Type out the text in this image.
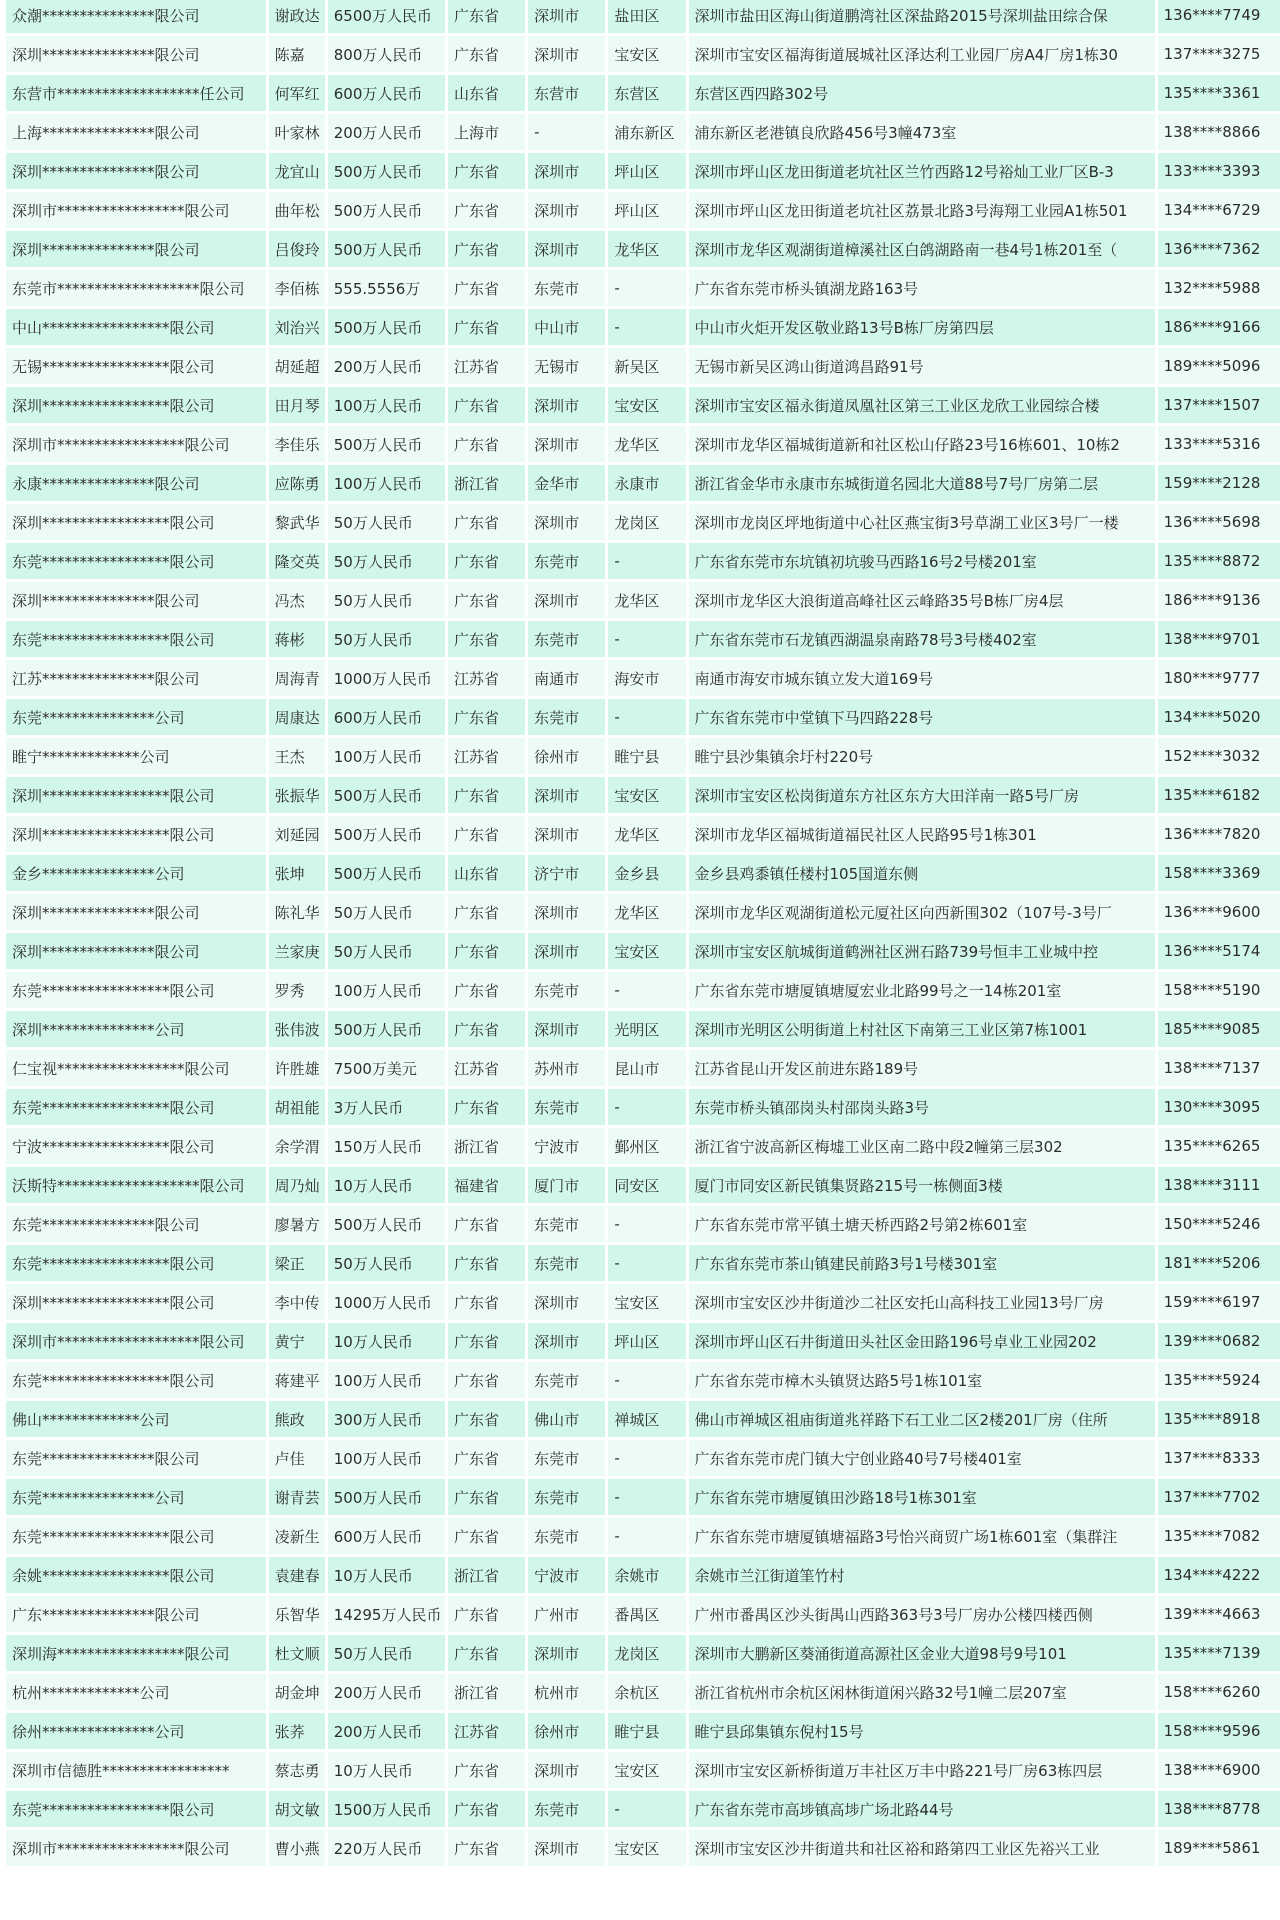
众潮***************限公司	谢政达	6500万人民币	广东省	深圳市	盐田区	深圳市盐田区海山街道鹏湾社区深盐路2015号深圳盐田综合保	136****7749
深圳***************限公司	陈嘉	800万人民币	广东省	深圳市	宝安区	深圳市宝安区福海街道展城社区泽达利工业园厂房A4厂房1栋30	137****3275
东营市*******************任公司	何军红	600万人民币	山东省	东营市	东营区	东营区西四路302号	135****3361
上海***************限公司	叶家林	200万人民币	上海市	-	浦东新区	浦东新区老港镇良欣路456号3幢473室	138****8866
深圳***************限公司	龙宜山	500万人民币	广东省	深圳市	坪山区	深圳市坪山区龙田街道老坑社区兰竹西路12号裕灿工业厂区B-3	133****3393
深圳市*****************限公司	曲年松	500万人民币	广东省	深圳市	坪山区	深圳市坪山区龙田街道老坑社区荔景北路3号海翔工业园A1栋501	134****6729
深圳***************限公司	吕俊玲	500万人民币	广东省	深圳市	龙华区	深圳市龙华区观湖街道樟溪社区白鸽湖路南一巷4号1栋201至（	136****7362
东莞市*******************限公司	李佰栋	555.5556万	广东省	东莞市	-	广东省东莞市桥头镇湖龙路163号	132****5988
中山*****************限公司	刘治兴	500万人民币	广东省	中山市	-	中山市火炬开发区敬业路13号B栋厂房第四层	186****9166
无锡*****************限公司	胡延超	200万人民币	江苏省	无锡市	新吴区	无锡市新吴区鸿山街道鸿昌路91号	189****5096
深圳*****************限公司	田月琴	100万人民币	广东省	深圳市	宝安区	深圳市宝安区福永街道凤凰社区第三工业区龙欣工业园综合楼	137****1507
深圳市*****************限公司	李佳乐	500万人民币	广东省	深圳市	龙华区	深圳市龙华区福城街道新和社区松山仔路23号16栋601、10栋2	133****5316
永康***************限公司	应陈勇	100万人民币	浙江省	金华市	永康市	浙江省金华市永康市东城街道名园北大道88号7号厂房第二层	159****2128
深圳*****************限公司	黎武华	50万人民币	广东省	深圳市	龙岗区	深圳市龙岗区坪地街道中心社区燕宝街3号草湖工业区3号厂一楼	136****5698
东莞*****************限公司	隆交英	50万人民币	广东省	东莞市	-	广东省东莞市东坑镇初坑骏马西路16号2号楼201室	135****8872
深圳***************限公司	冯杰	50万人民币	广东省	深圳市	龙华区	深圳市龙华区大浪街道高峰社区云峰路35号B栋厂房4层	186****9136
东莞*****************限公司	蒋彬	50万人民币	广东省	东莞市	-	广东省东莞市石龙镇西湖温泉南路78号3号楼402室	138****9701
江苏***************限公司	周海青	1000万人民币	江苏省	南通市	海安市	南通市海安市城东镇立发大道169号	180****9777
东莞***************公司	周康达	600万人民币	广东省	东莞市	-	广东省东莞市中堂镇下马四路228号	134****5020
睢宁*************公司	王杰	100万人民币	江苏省	徐州市	睢宁县	睢宁县沙集镇余圩村220号	152****3032
深圳*****************限公司	张振华	500万人民币	广东省	深圳市	宝安区	深圳市宝安区松岗街道东方社区东方大田洋南一路5号厂房	135****6182
深圳*****************限公司	刘延园	500万人民币	广东省	深圳市	龙华区	深圳市龙华区福城街道福民社区人民路95号1栋301	136****7820
金乡***************公司	张坤	500万人民币	山东省	济宁市	金乡县	金乡县鸡黍镇任楼村105国道东侧	158****3369
深圳***************限公司	陈礼华	50万人民币	广东省	深圳市	龙华区	深圳市龙华区观湖街道松元厦社区向西新围302（107号-3号厂	136****9600
深圳***************限公司	兰家庚	50万人民币	广东省	深圳市	宝安区	深圳市宝安区航城街道鹤洲社区洲石路739号恒丰工业城中控	136****5174
东莞*****************限公司	罗秀	100万人民币	广东省	东莞市	-	广东省东莞市塘厦镇塘厦宏业北路99号之一14栋201室	158****5190
深圳***************公司	张伟波	500万人民币	广东省	深圳市	光明区	深圳市光明区公明街道上村社区下南第三工业区第7栋1001	185****9085
仁宝视*****************限公司	许胜雄	7500万美元	江苏省	苏州市	昆山市	江苏省昆山开发区前进东路189号	138****7137
东莞*****************限公司	胡祖能	3万人民币	广东省	东莞市	-	东莞市桥头镇邵岗头村邵岗头路3号	130****3095
宁波*****************限公司	余学渭	150万人民币	浙江省	宁波市	鄞州区	浙江省宁波高新区梅墟工业区南二路中段2幢第三层302	135****6265
沃斯特*******************限公司	周乃灿	10万人民币	福建省	厦门市	同安区	厦门市同安区新民镇集贤路215号一栋侧面3楼	138****3111
东莞***************限公司	廖暑方	500万人民币	广东省	东莞市	-	广东省东莞市常平镇土塘天桥西路2号第2栋601室	150****5246
东莞*****************限公司	梁正	50万人民币	广东省	东莞市	-	广东省东莞市茶山镇建民前路3号1号楼301室	181****5206
深圳*****************限公司	李中传	1000万人民币	广东省	深圳市	宝安区	深圳市宝安区沙井街道沙二社区安托山高科技工业园13号厂房	159****6197
深圳市*******************限公司	黄宁	10万人民币	广东省	深圳市	坪山区	深圳市坪山区石井街道田头社区金田路196号卓业工业园202	139****0682
东莞*****************限公司	蒋建平	100万人民币	广东省	东莞市	-	广东省东莞市樟木头镇贤达路5号1栋101室	135****5924
佛山*************公司	熊政	300万人民币	广东省	佛山市	禅城区	佛山市禅城区祖庙街道兆祥路下石工业二区2楼201厂房（住所	135****8918
东莞***************限公司	卢佳	100万人民币	广东省	东莞市	-	广东省东莞市虎门镇大宁创业路40号7号楼401室	137****8333
东莞***************公司	谢青芸	500万人民币	广东省	东莞市	-	广东省东莞市塘厦镇田沙路18号1栋301室	137****7702
东莞*****************限公司	凌新生	600万人民币	广东省	东莞市	-	广东省东莞市塘厦镇塘福路3号怡兴商贸广场1栋601室（集群注	135****7082
余姚*****************限公司	袁建春	10万人民币	浙江省	宁波市	余姚市	余姚市兰江街道筀竹村	134****4222
广东***************限公司	乐智华	14295万人民币	广东省	广州市	番禺区	广州市番禺区沙头街禺山西路363号3号厂房办公楼四楼西侧	139****4663
深圳海*****************限公司	杜文顺	50万人民币	广东省	深圳市	龙岗区	深圳市大鹏新区葵涌街道高源社区金业大道98号9号101	135****7139
杭州*************公司	胡金坤	200万人民币	浙江省	杭州市	余杭区	浙江省杭州市余杭区闲林街道闲兴路32号1幢二层207室	158****6260
徐州***************公司	张荞	200万人民币	江苏省	徐州市	睢宁县	睢宁县邱集镇东倪村15号	158****9596
深圳市信德胜*****************	蔡志勇	10万人民币	广东省	深圳市	宝安区	深圳市宝安区新桥街道万丰社区万丰中路221号厂房63栋四层	138****6900
东莞*****************限公司	胡文敏	1500万人民币	广东省	东莞市	-	广东省东莞市高埗镇高埗广场北路44号	138****8778
深圳市*****************限公司	曹小燕	220万人民币	广东省	深圳市	宝安区	深圳市宝安区沙井街道共和社区裕和路第四工业区先裕兴工业	189****5861
